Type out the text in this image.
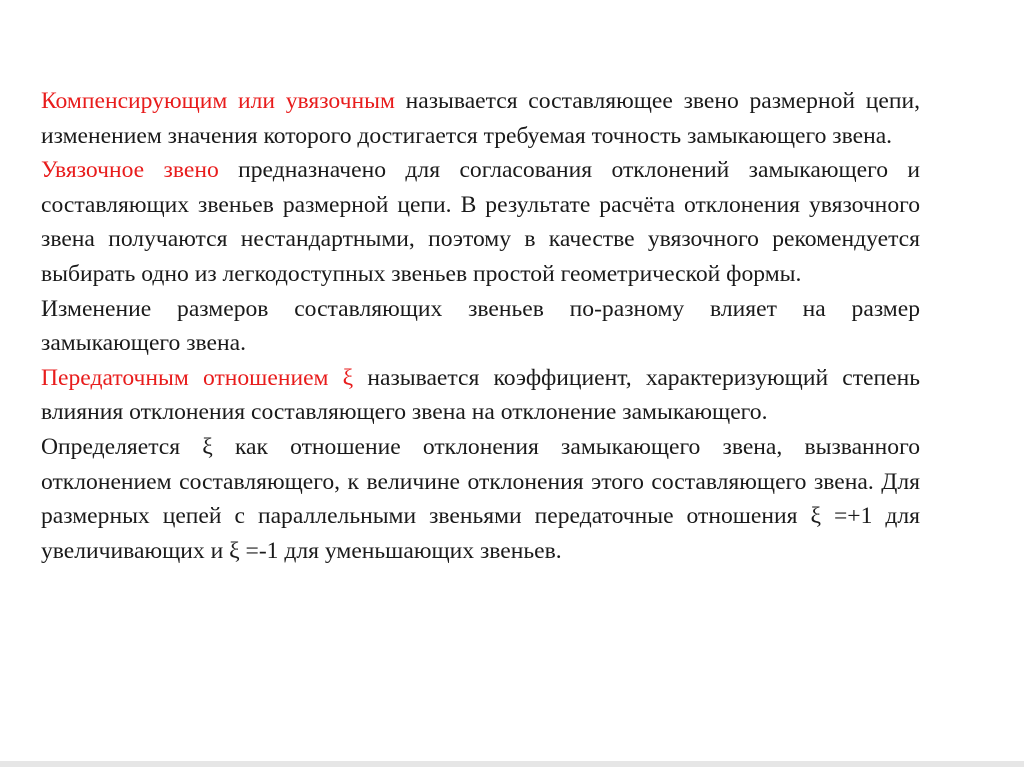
Компенсирующим или увязочным называется составляющее звено размерной цепи, изменением значения которого достигается требуемая точность замыкающего звена.

Увязочное звено предназначено для согласования отклонений замыкающего и составляющих звеньев размерной цепи. В результате расчёта отклонения увязочного звена получаются нестандартными, поэтому в качестве увязочного рекомендуется выбирать одно из легкодоступных звеньев простой геометрической формы.

Изменение размеров составляющих звеньев по-разному влияет на размер замыкающего звена.

Передаточным отношением ξ называется коэффициент, характеризующий степень влияния отклонения составляющего звена на отклонение замыкающего.

Определяется ξ как отношение отклонения замыкающего звена, вызванного отклонением составляющего, к величине отклонения этого составляющего звена. Для размерных цепей с параллельными звеньями передаточные отношения ξ =+1 для увеличивающих и ξ =-1 для уменьшающих звеньев.
